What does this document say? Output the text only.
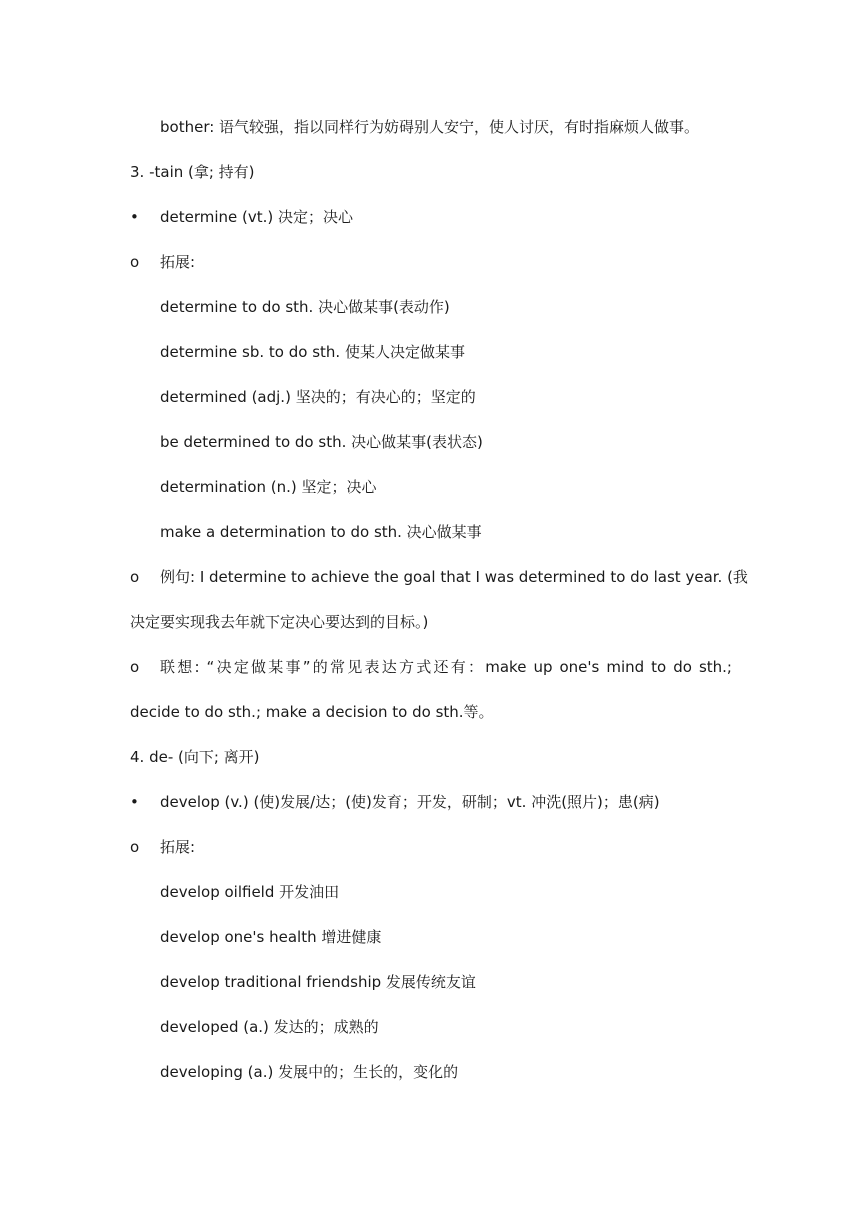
bother: 语气较强，指以同样行为妨碍别人安宁，使人讨厌，有时指麻烦人做事。
3. -tain (拿; 持有)
•	determine (vt.) 决定；决心
o	拓展:
determine to do sth. 决心做某事(表动作)
determine sb. to do sth. 使某人决定做某事
determined (adj.) 坚决的；有决心的；坚定的
be determined to do sth. 决心做某事(表状态)
determination (n.) 坚定；决心
make a determination to do sth. 决心做某事
o	例句: I determine to achieve the goal that I was determined to do last year. (我
决定要实现我去年就下定决心要达到的目标。)
o	联想: “决定做某事”的常见表达方式还有：make up one's mind to do sth.;
decide to do sth.; make a decision to do sth.等。
4. de- (向下; 离开)
•	develop (v.) (使)发展/达；(使)发育；开发，研制；vt. 冲洗(照片)；患(病)
o	拓展:
develop oilfield 开发油田
develop one's health 增进健康
develop traditional friendship 发展传统友谊
developed (a.) 发达的；成熟的
developing (a.) 发展中的；生长的，变化的
